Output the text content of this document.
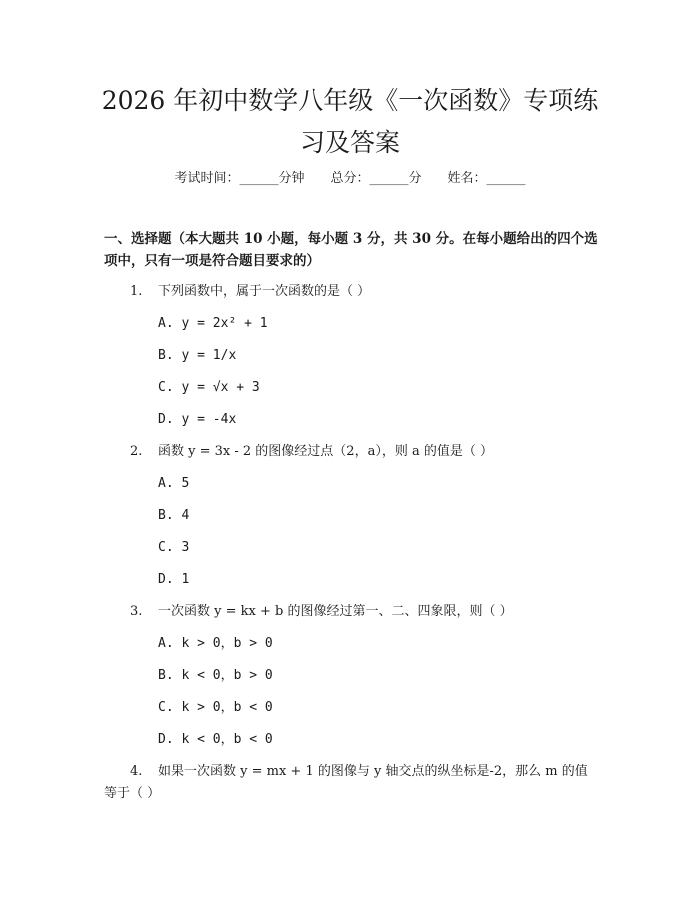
2026 年初中数学八年级《一次函数》专项练
习及答案
考试时间：______分钟 总分：______分 姓名：______

一、选择题（本大题共 10 小题，每小题 3 分，共 30 分。在每小题给出的四个选项中，只有一项是符合题目要求的）

1. 下列函数中，属于一次函数的是（ ）
A. y = 2x² + 1
B. y = 1/x
C. y = √x + 3
D. y = -4x
2. 函数 y = 3x - 2 的图像经过点（2，a），则 a 的值是（ ）
A. 5
B. 4
C. 3
D. 1
3. 一次函数 y = kx + b 的图像经过第一、二、四象限，则（ ）
A. k > 0，b > 0
B. k < 0，b > 0
C. k > 0，b < 0
D. k < 0，b < 0
4. 如果一次函数 y = mx + 1 的图像与 y 轴交点的纵坐标是-2，那么 m 的值
等于（ ）
